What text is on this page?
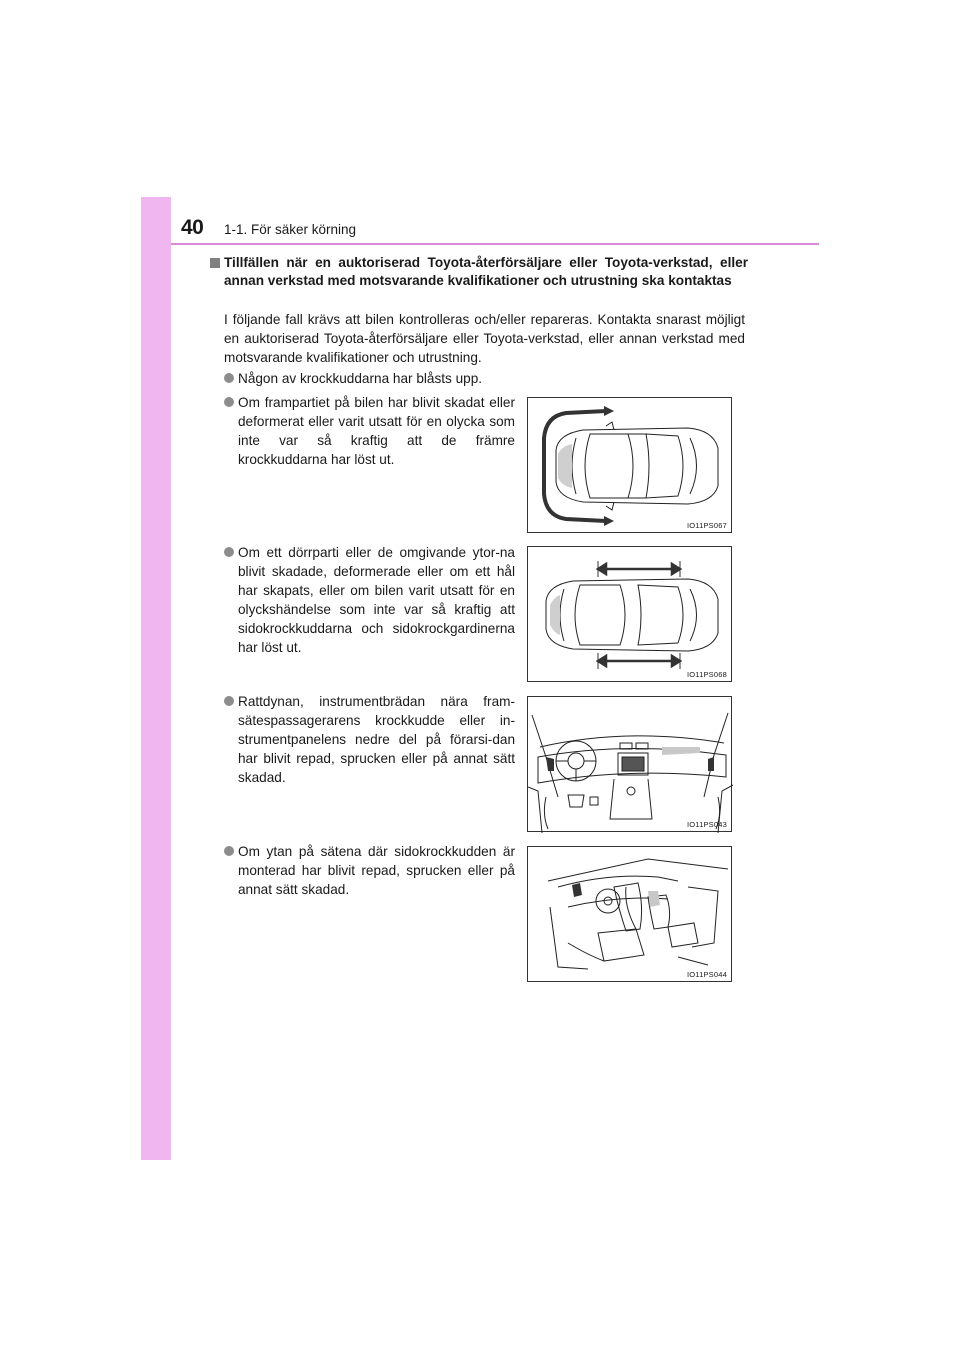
40 1-1. För säker körning
Tillfällen när en auktoriserad Toyota-återförsäljare eller Toyota-verkstad, eller annan verkstad med motsvarande kvalifikationer och utrustning ska kontaktas
I följande fall krävs att bilen kontrolleras och/eller repareras. Kontakta snarast möjligt en auktoriserad Toyota-återförsäljare eller Toyota-verkstad, eller annan verkstad med motsvarande kvalifikationer och utrustning.
Någon av krockkuddarna har blåsts upp.
Om frampartiet på bilen har blivit skadat eller deformerat eller varit utsatt för en olycka som inte var så kraftig att de främre krockkuddarna har löst ut.
IO11PS067
Om ett dörrparti eller de omgivande ytor-na blivit skadade, deformerade eller om ett hål har skapats, eller om bilen varit utsatt för en olyckshändelse som inte var så kraftig att sidokrockkuddarna och sidokrockgardinerna har löst ut.
IO11PS068
Rattdynan, instrumentbrädan nära fram-sätespassagerarens krockkudde eller in-strumentpanelens nedre del på förarsi-dan har blivit repad, sprucken eller på annat sätt skadad.
IO11PS043
Om ytan på sätena där sidokrockkudden är monterad har blivit repad, sprucken eller på annat sätt skadad.
IO11PS044
